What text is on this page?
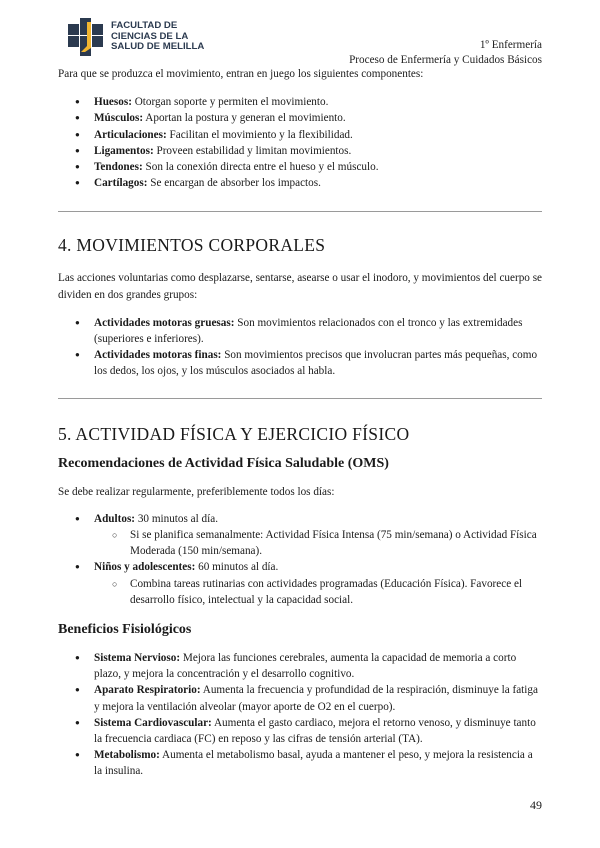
FACULTAD DE
CIENCIAS DE LA
SALUD DE MELILLA	1º Enfermería
Proceso de Enfermería y Cuidados Básicos

Para que se produzca el movimiento, entran en juego los siguientes componentes:

● Huesos: Otorgan soporte y permiten el movimiento.
● Músculos: Aportan la postura y generan el movimiento.
● Articulaciones: Facilitan el movimiento y la flexibilidad.
● Ligamentos: Proveen estabilidad y limitan movimientos.
● Tendones: Son la conexión directa entre el hueso y el músculo.
● Cartílagos: Se encargan de absorber los impactos.
4. MOVIMIENTOS CORPORALES

Las acciones voluntarias como desplazarse, sentarse, asearse o usar el inodoro, y movimientos del cuerpo se dividen en dos grandes grupos:

● Actividades motoras gruesas: Son movimientos relacionados con el tronco y las extremidades (superiores e inferiores).
● Actividades motoras finas: Son movimientos precisos que involucran partes más pequeñas, como los dedos, los ojos, y los músculos asociados al habla.
5. ACTIVIDAD FÍSICA Y EJERCICIO FÍSICO
Recomendaciones de Actividad Física Saludable (OMS)

Se debe realizar regularmente, preferiblemente todos los días:

● Adultos: 30 minutos al día.
○ Si se planifica semanalmente: Actividad Física Intensa (75 min/semana) o Actividad Física Moderada (150 min/semana).
● Niños y adolescentes: 60 minutos al día.
○ Combina tareas rutinarias con actividades programadas (Educación Física). Favorece el desarrollo físico, intelectual y la capacidad social.
Beneficios Fisiológicos
● Sistema Nervioso: Mejora las funciones cerebrales, aumenta la capacidad de memoria a corto plazo, y mejora la concentración y el desarrollo cognitivo.
● Aparato Respiratorio: Aumenta la frecuencia y profundidad de la respiración, disminuye la fatiga y mejora la ventilación alveolar (mayor aporte de O2 en el cuerpo).
● Sistema Cardiovascular: Aumenta el gasto cardiaco, mejora el retorno venoso, y disminuye tanto la frecuencia cardiaca (FC) en reposo y las cifras de tensión arterial (TA).
● Metabolismo: Aumenta el metabolismo basal, ayuda a mantener el peso, y mejora la resistencia a la insulina.
49
